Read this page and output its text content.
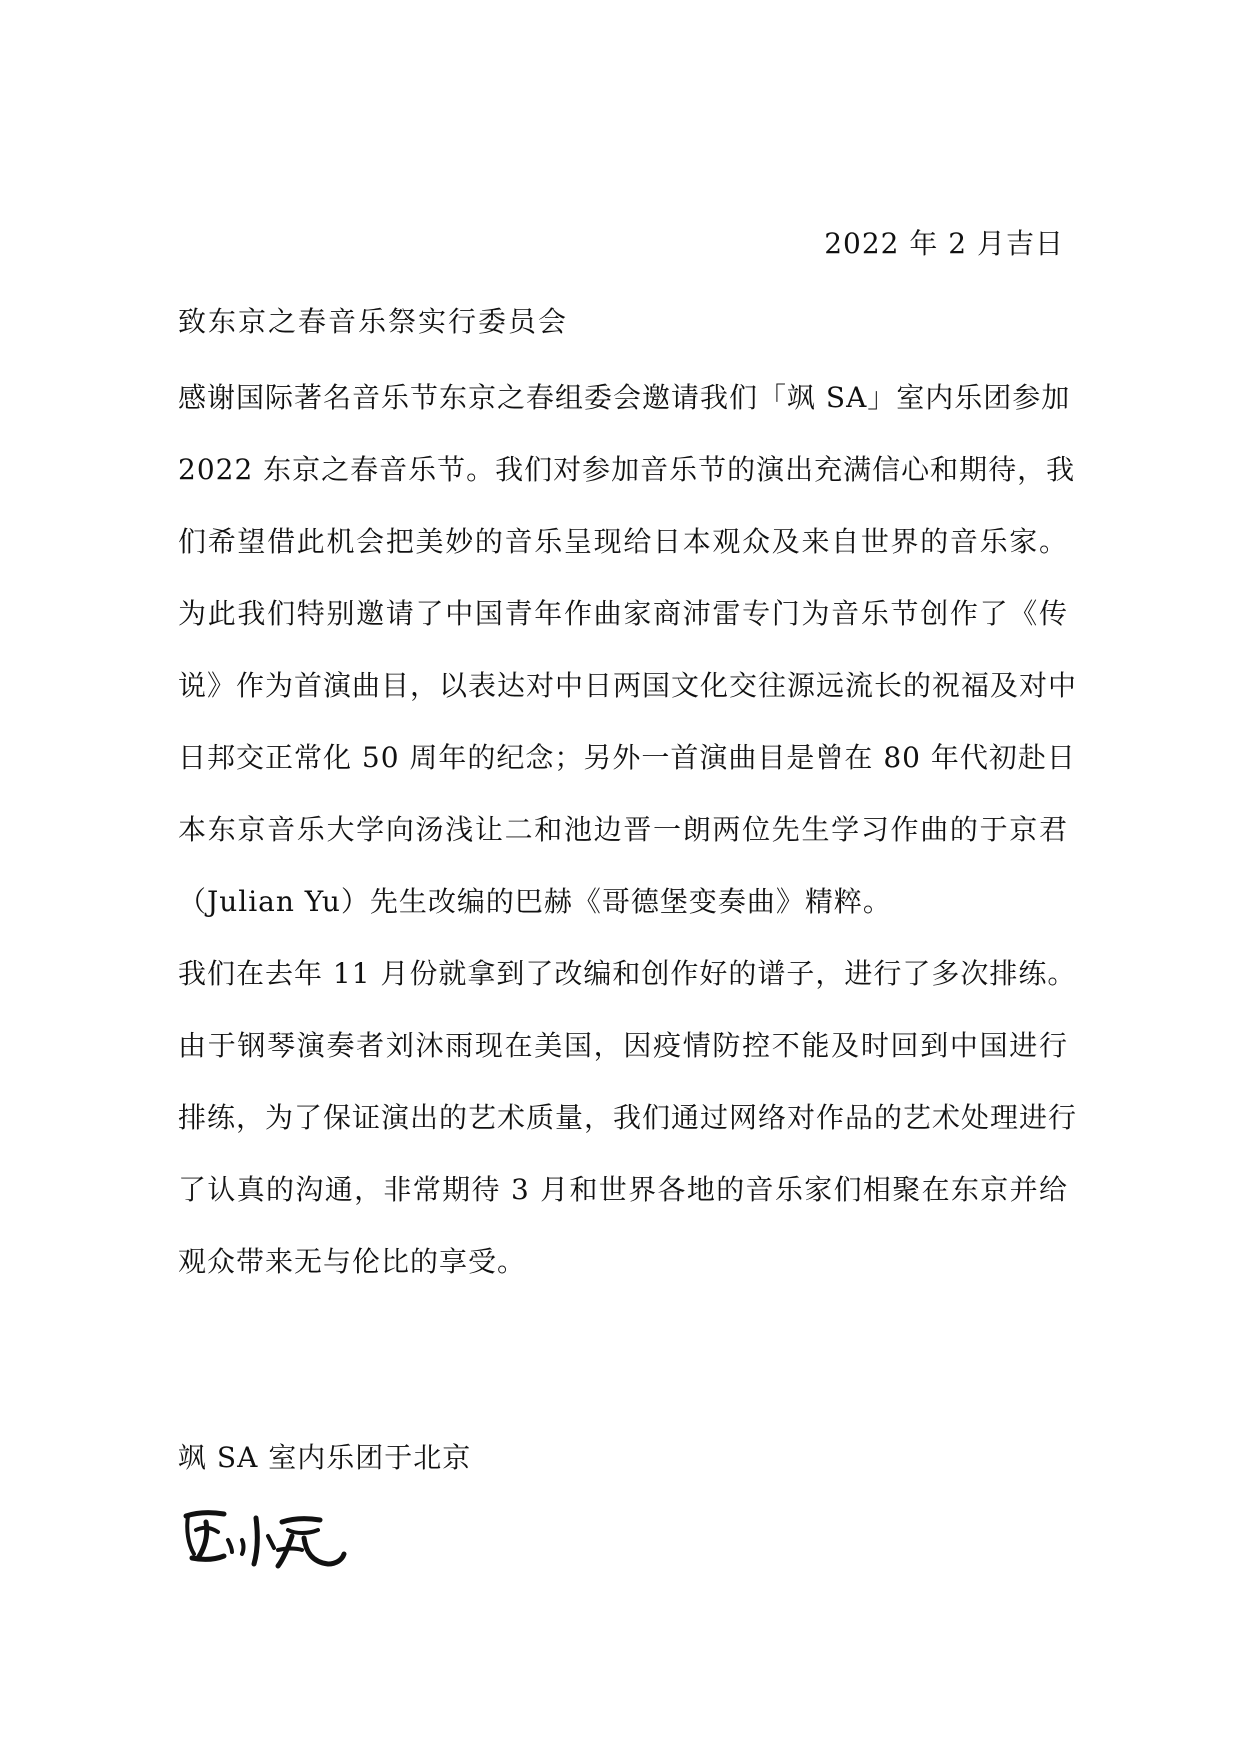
2022 年 2 月吉日
致东京之春音乐祭实行委员会
感谢国际著名音乐节东京之春组委会邀请我们「飒 SA」室内乐团参加
2022 东京之春音乐节。我们对参加音乐节的演出充满信心和期待，我
们希望借此机会把美妙的音乐呈现给日本观众及来自世界的音乐家。
为此我们特别邀请了中国青年作曲家商沛雷专门为音乐节创作了《传
说》作为首演曲目，以表达对中日两国文化交往源远流长的祝福及对中
日邦交正常化 50 周年的纪念；另外一首演曲目是曾在 80 年代初赴日
本东京音乐大学向汤浅让二和池边晋一朗两位先生学习作曲的于京君
（Julian Yu）先生改编的巴赫《哥德堡变奏曲》精粹。
我们在去年 11 月份就拿到了改编和创作好的谱子，进行了多次排练。
由于钢琴演奏者刘沐雨现在美国，因疫情防控不能及时回到中国进行
排练，为了保证演出的艺术质量，我们通过网络对作品的艺术处理进行
了认真的沟通，非常期待 3 月和世界各地的音乐家们相聚在东京并给
观众带来无与伦比的享受。
飒 SA 室内乐团于北京
